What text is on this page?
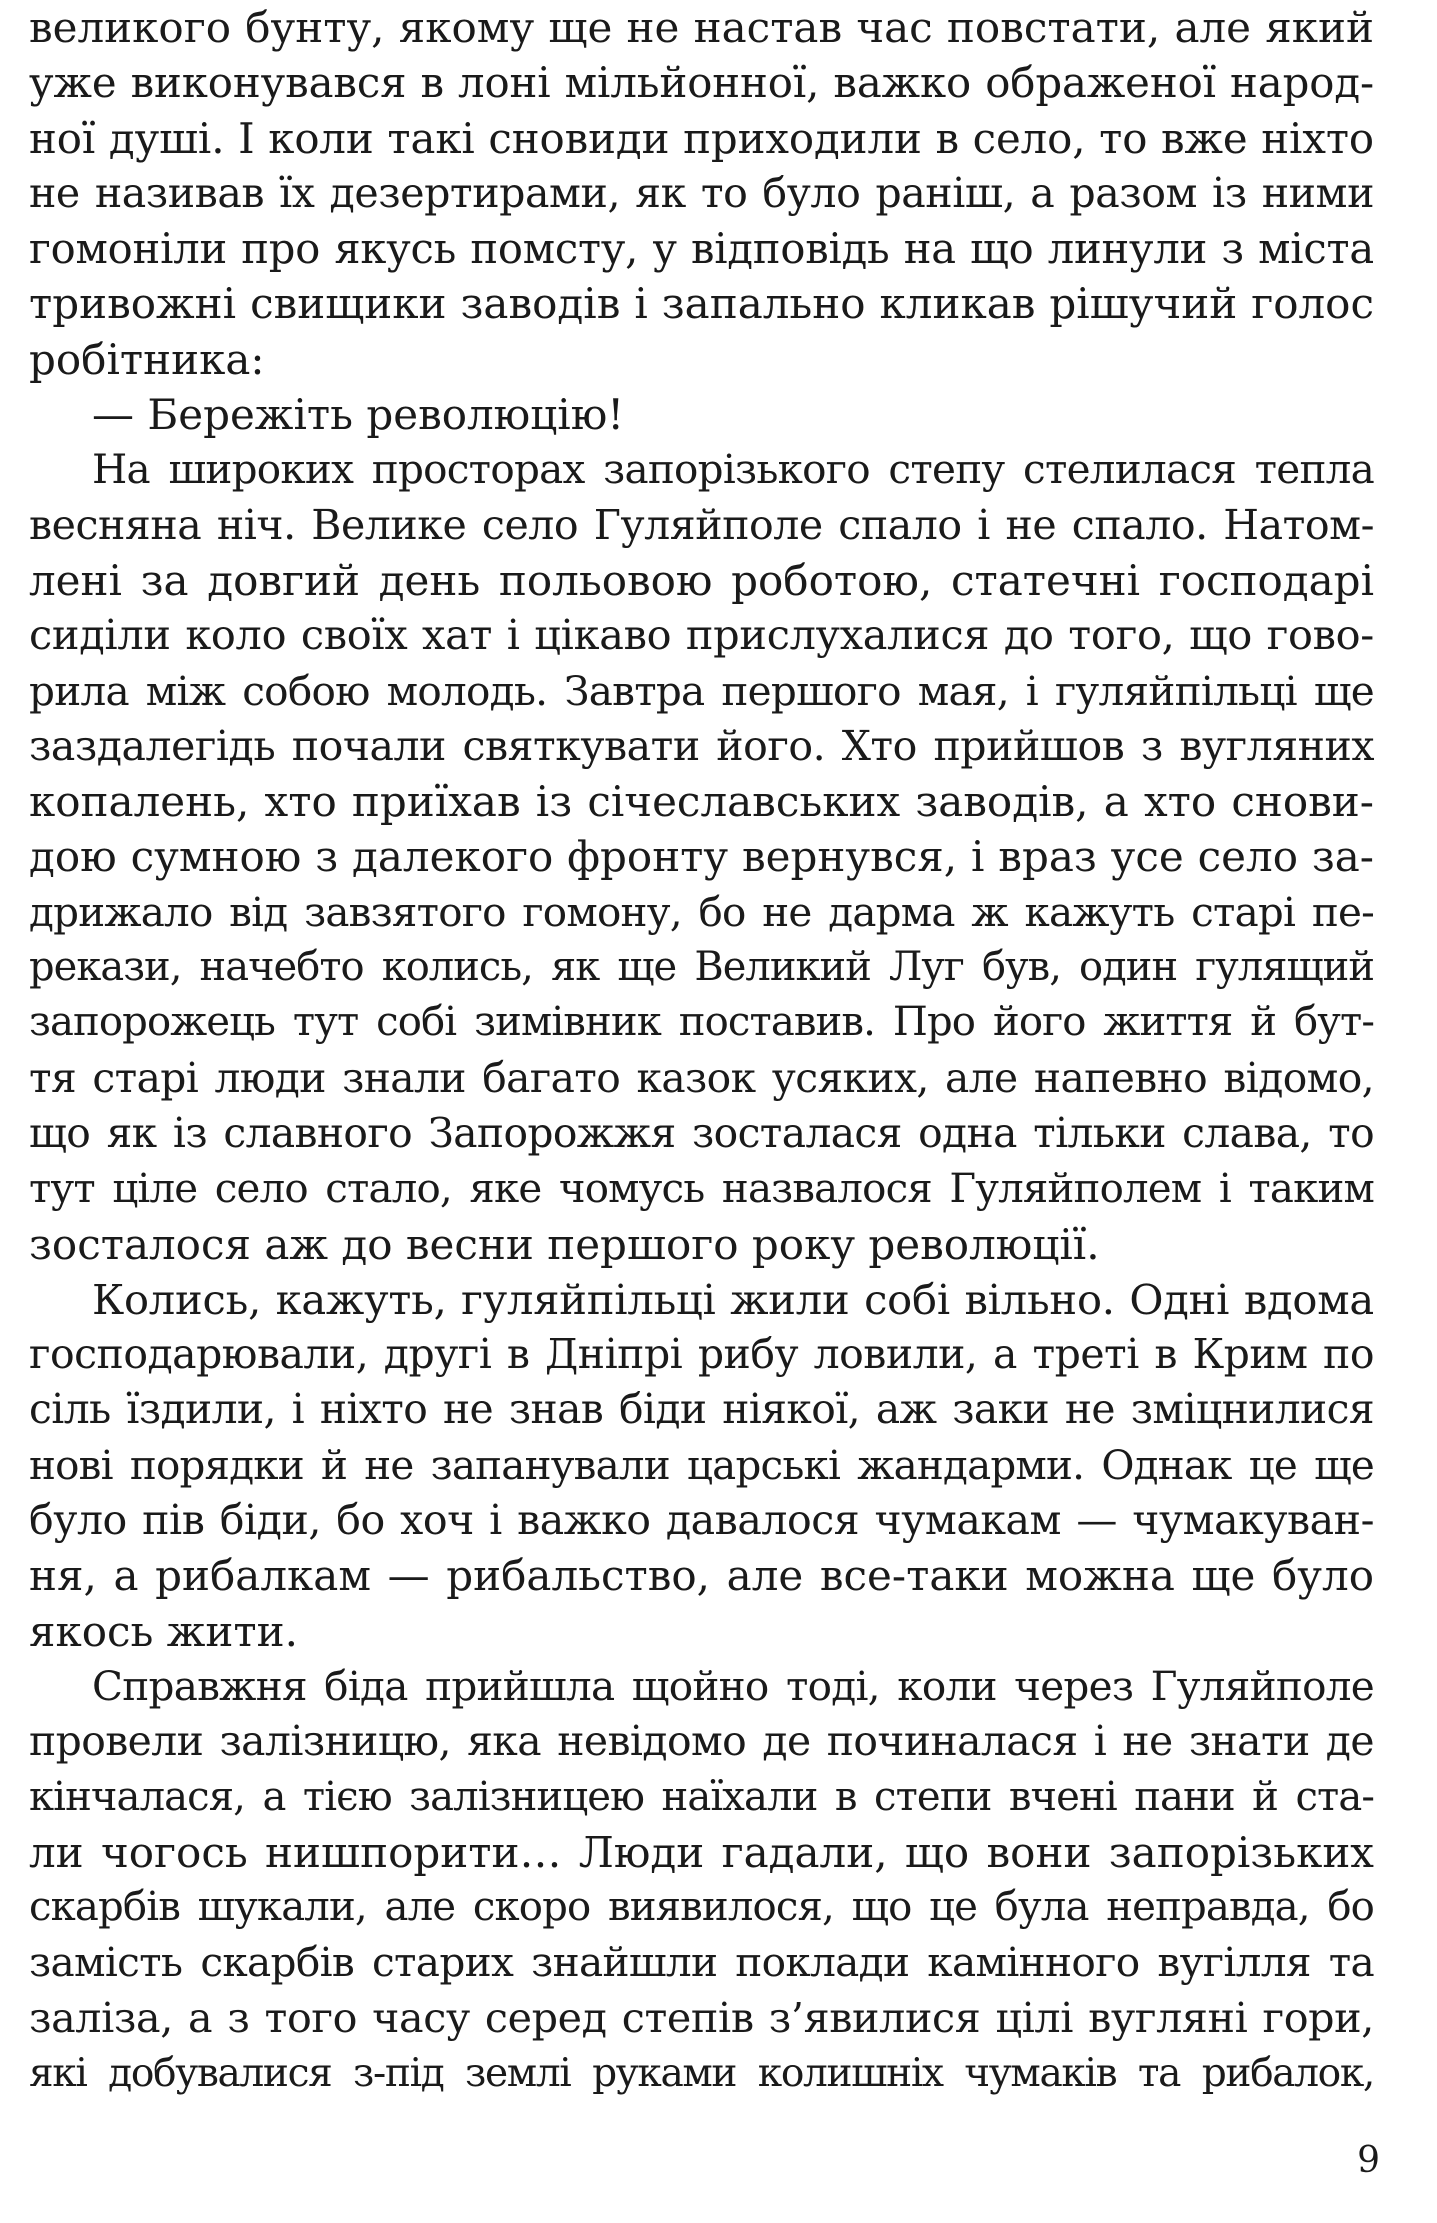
великого бунту, якому ще не настав час повстати, але який
уже виконувався в лоні мільйонної, важко ображеної народ-
ної душі. І коли такі сновиди приходили в село, то вже ніхто
не називав їх дезертирами, як то було раніш, а разом із ними
гомоніли про якусь помсту, у відповідь на що линули з міста
тривожні свищики заводів і запально кликав рішучий голос
робітника:
— Бережіть революцію!
На широких просторах запорізького степу стелилася тепла
весняна ніч. Велике село Гуляйполе спало і не спало. Натом-
лені за довгий день польовою роботою, статечні господарі
сиділи коло своїх хат і цікаво прислухалися до того, що гово-
рила між собою молодь. Завтра першого мая, і гуляйпільці ще
заздалегідь почали святкувати його. Хто прийшов з вугляних
копалень, хто приїхав із січеславських заводів, а хто снови-
дою сумною з далекого фронту вернувся, і враз усе село за-
дрижало від завзятого гомону, бо не дарма ж кажуть старі пе-
рекази, начебто колись, як ще Великий Луг був, один гулящий
запорожець тут собі зимівник поставив. Про його життя й бут-
тя старі люди знали багато казок усяких, але напевно відомо,
що як із славного Запорожжя зосталася одна тільки слава, то
тут ціле село стало, яке чомусь назвалося Гуляйполем і таким
зосталося аж до весни першого року революції.
Колись, кажуть, гуляйпільці жили собі вільно. Одні вдома
господарювали, другі в Дніпрі рибу ловили, а треті в Крим по
сіль їздили, і ніхто не знав біди ніякої, аж заки не зміцнилися
нові порядки й не запанували царські жандарми. Однак це ще
було пів біди, бо хоч і важко давалося чумакам — чумакуван-
ня, а рибалкам — рибальство, але все-таки можна ще було
якось жити.
Справжня біда прийшла щойно тоді, коли через Гуляйполе
провели залізницю, яка невідомо де починалася і не знати де
кінчалася, а тією залізницею наїхали в степи вчені пани й ста-
ли чогось нишпорити… Люди гадали, що вони запорізьких
скарбів шукали, але скоро виявилося, що це була неправда, бо
замість скарбів старих знайшли поклади камінного вугілля та
заліза, а з того часу серед степів з’явилися цілі вугляні гори,
які добувалися з-під землі руками колишніх чумаків та рибалок,
9
